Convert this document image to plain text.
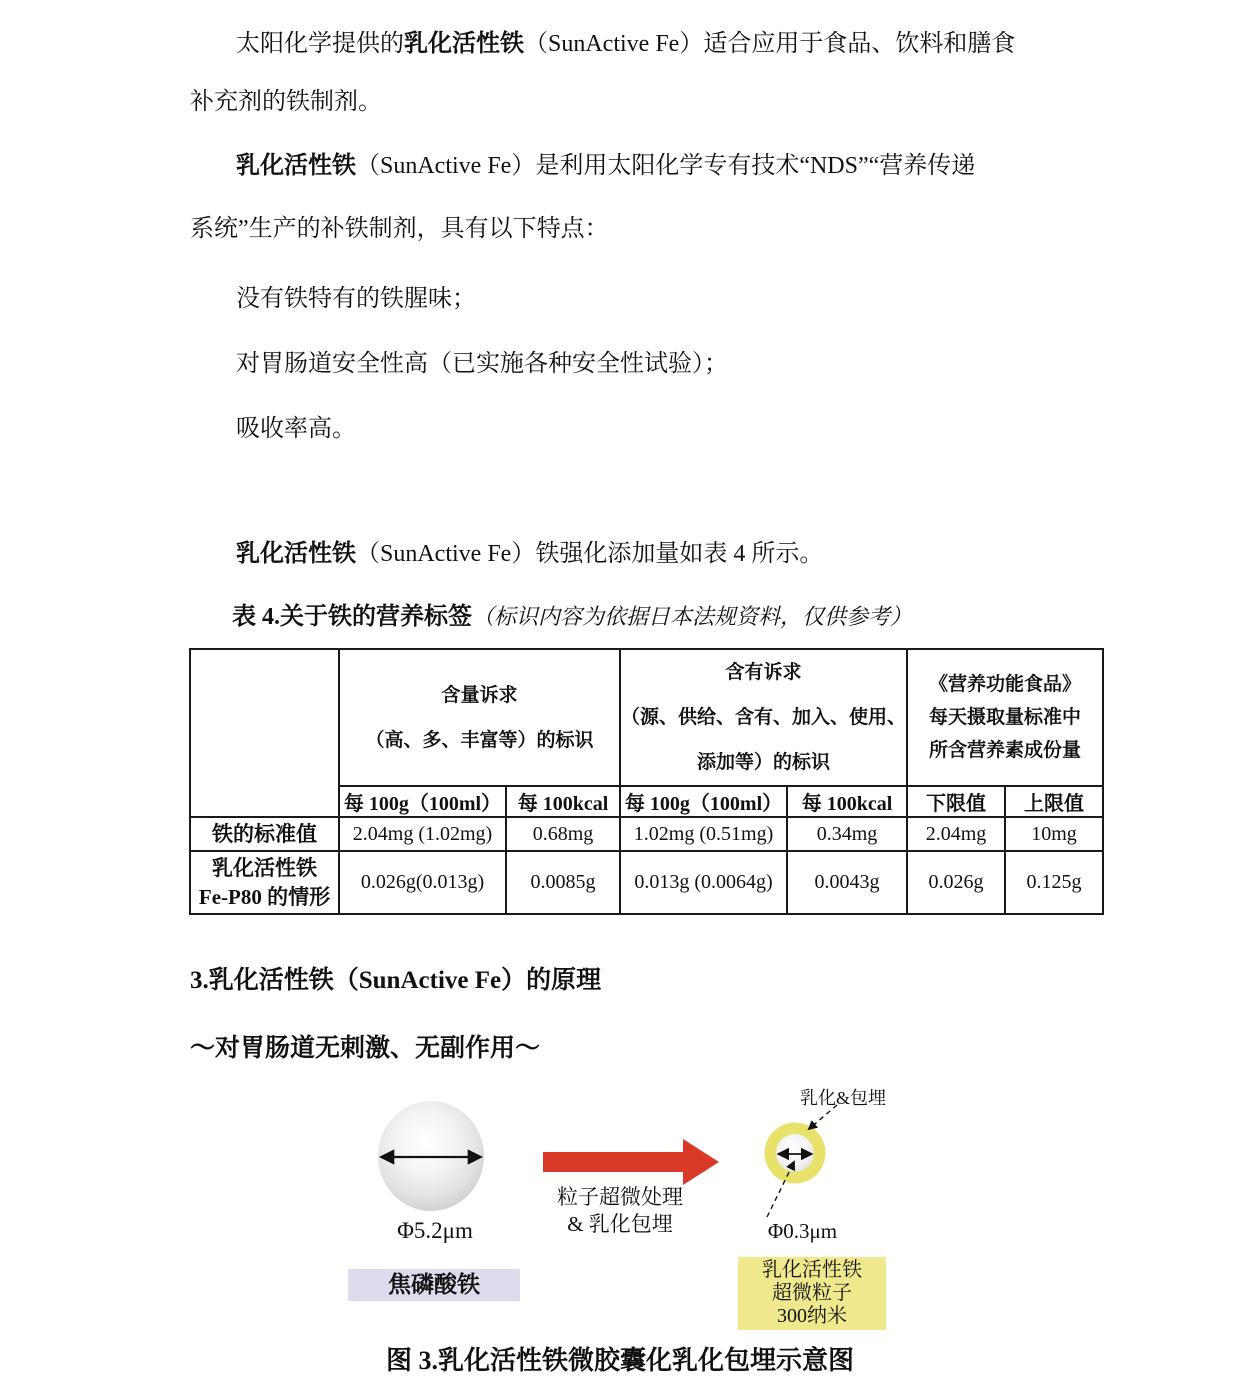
太阳化学提供的乳化活性铁（SunActive Fe）适合应用于食品、饮料和膳食
补充剂的铁制剂。
乳化活性铁（SunActive Fe）是利用太阳化学专有技术“NDS”“营养传递
系统”生产的补铁制剂，具有以下特点：
没有铁特有的铁腥味；
对胃肠道安全性高（已实施各种安全性试验）；
吸收率高。
乳化活性铁（SunActive Fe）铁强化添加量如表 4 所示。
表 4.关于铁的营养标签（标识内容为依据日本法规资料，仅供参考）

含量诉求
（高、多、丰富等）的标识

含有诉求
（源、供给、含有、加入、使用、
添加等）的标识

《营养功能食品》
每天摄取量标准中
所含营养素成份量

	每 100g（100ml）	每 100kcal	每 100g（100ml）	每 100kcal	下限值	上限值
铁的标准值	2.04mg (1.02mg)	0.68mg	1.02mg (0.51mg)	0.34mg	2.04mg	10mg

乳化活性铁
Fe-P80 的情形	0.026g(0.013g)	0.0085g	0.013g (0.0064g)	0.0043g	0.026g	0.125g
3.乳化活性铁（SunActive Fe）的原理
～对胃肠道无刺激、无副作用～
Φ5.2μm
粒子超微处理
& 乳化包埋
乳化&包埋
Φ0.3μm
焦磷酸铁
乳化活性铁
超微粒子
300纳米
图 3.乳化活性铁微胶囊化乳化包埋示意图
